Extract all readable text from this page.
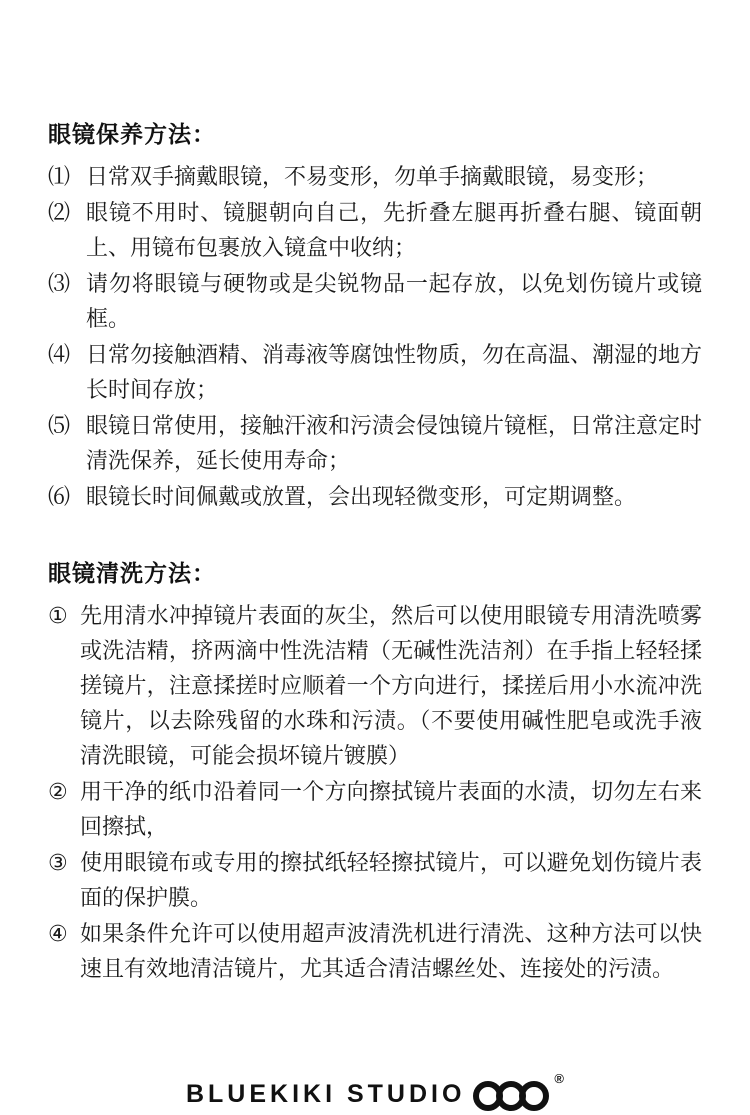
眼镜保养方法：
⑴ 日常双手摘戴眼镜，不易变形，勿单手摘戴眼镜，易变形；
⑵ 眼镜不用时、镜腿朝向自己，先折叠左腿再折叠右腿、镜面朝上、用镜布包裹放入镜盒中收纳；
⑶ 请勿将眼镜与硬物或是尖锐物品一起存放，以免划伤镜片或镜框。
⑷ 日常勿接触酒精、消毒液等腐蚀性物质，勿在高温、潮湿的地方长时间存放；
⑸ 眼镜日常使用，接触汗液和污渍会侵蚀镜片镜框，日常注意定时清洗保养，延长使用寿命；
⑹ 眼镜长时间佩戴或放置，会出现轻微变形，可定期调整。
眼镜清洗方法：
① 先用清水冲掉镜片表面的灰尘，然后可以使用眼镜专用清洗喷雾或洗洁精，挤两滴中性洗洁精（无碱性洗洁剂）在手指上轻轻揉搓镜片，注意揉搓时应顺着一个方向进行，揉搓后用小水流冲洗镜片，以去除残留的水珠和污渍。（不要使用碱性肥皂或洗手液清洗眼镜，可能会损坏镜片镀膜）
② 用干净的纸巾沿着同一个方向擦拭镜片表面的水渍，切勿左右来回擦拭，
③ 使用眼镜布或专用的擦拭纸轻轻擦拭镜片，可以避免划伤镜片表面的保护膜。
④ 如果条件允许可以使用超声波清洗机进行清洗、这种方法可以快速且有效地清洁镜片，尤其适合清洁螺丝处、连接处的污渍。
BLUEKIKI STUDIO
®
